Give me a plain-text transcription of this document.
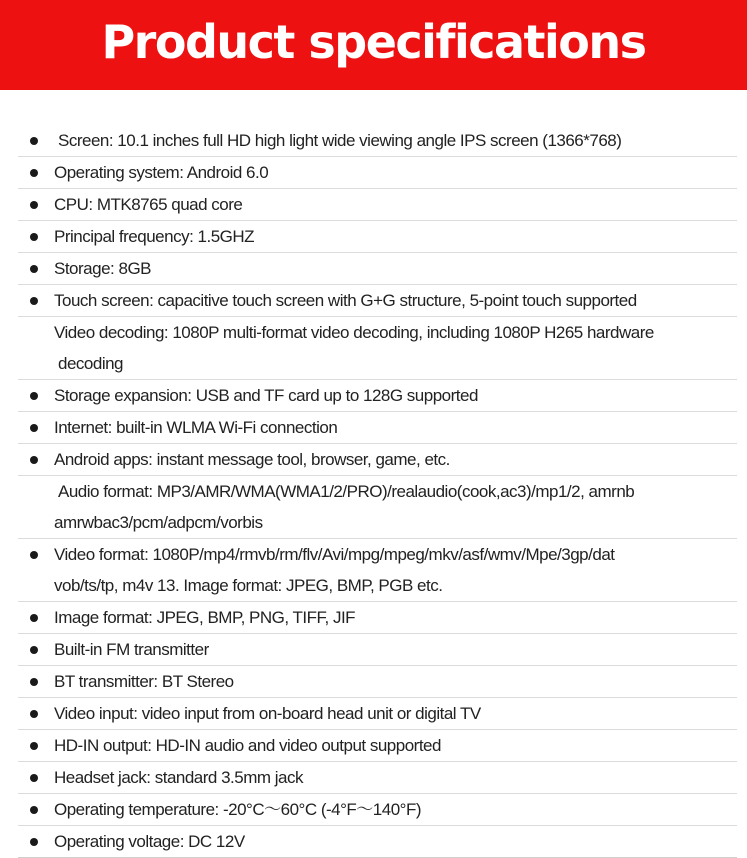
Product specifications
Screen: 10.1 inches full HD high light wide viewing angle IPS screen (1366*768)
Operating system: Android 6.0
CPU: MTK8765 quad core
Principal frequency: 1.5GHZ
Storage: 8GB
Touch screen: capacitive touch screen with G+G structure, 5-point touch supported
Video decoding: 1080P multi-format video decoding, including 1080P H265 hardware
decoding
Storage expansion: USB and TF card up to 128G supported
Internet: built-in WLMA Wi-Fi connection
Android apps: instant message tool, browser, game, etc.
Audio format: MP3/AMR/WMA(WMA1/2/PRO)/realaudio(cook,ac3)/mp1/2, amrnb
amrwbac3/pcm/adpcm/vorbis
Video format: 1080P/mp4/rmvb/rm/flv/Avi/mpg/mpeg/mkv/asf/wmv/Mpe/3gp/dat
vob/ts/tp, m4v 13. Image format: JPEG, BMP, PGB etc.
Image format: JPEG, BMP, PNG, TIFF, JIF
Built-in FM transmitter
BT transmitter: BT Stereo
Video input: video input from on-board head unit or digital TV
HD-IN output: HD-IN audio and video output supported
Headset jack: standard 3.5mm jack
Operating temperature: -20°C～60°C (-4°F～140°F)
Operating voltage: DC 12V
